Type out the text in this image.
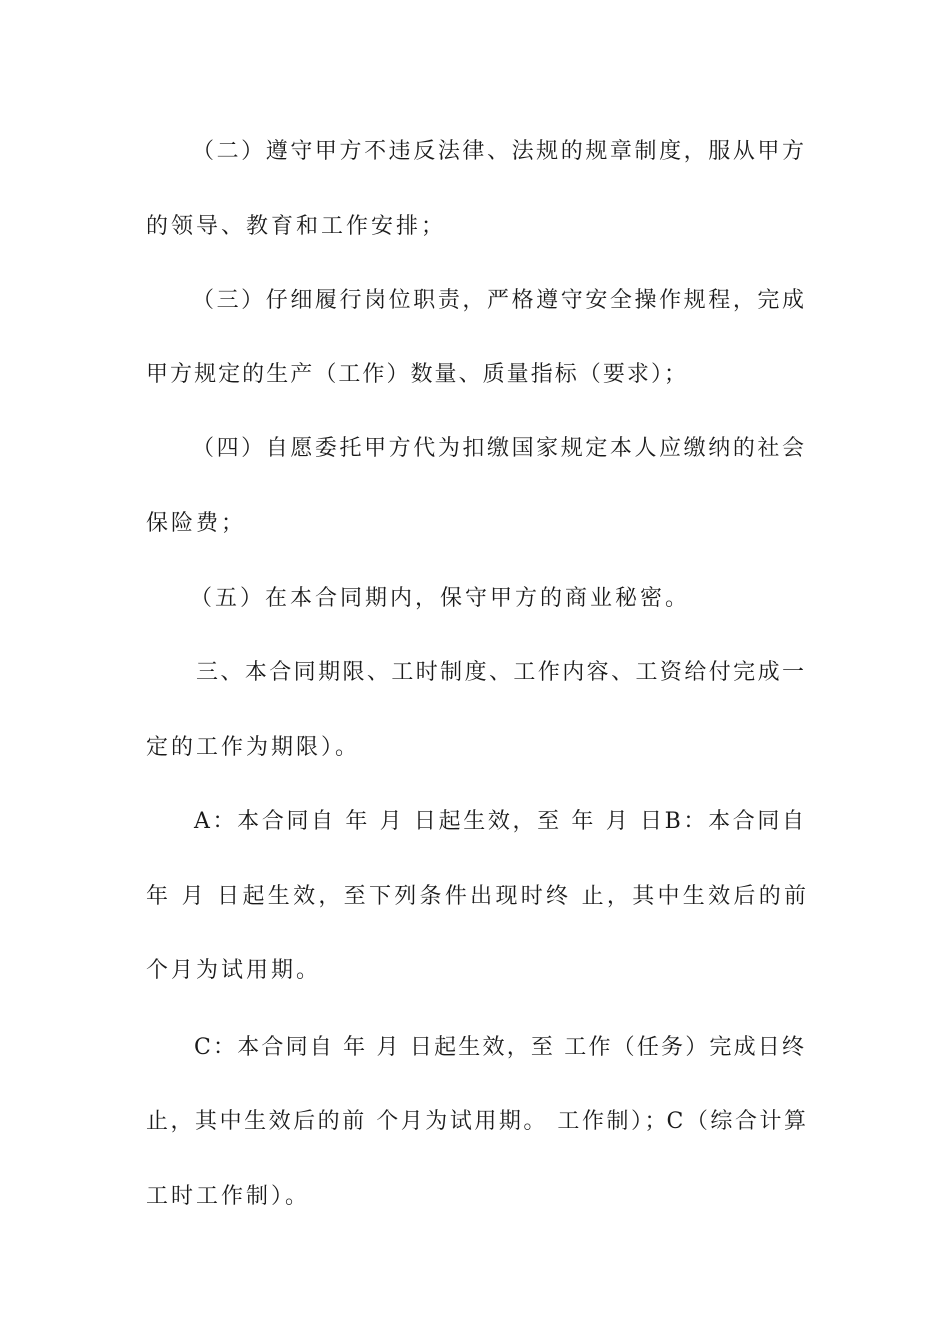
（二）遵守甲方不违反法律、法规的规章制度，服从甲方
的领导、教育和工作安排；
（三）仔细履行岗位职责，严格遵守安全操作规程，完成
甲方规定的生产（工作）数量、质量指标（要求）；
（四）自愿委托甲方代为扣缴国家规定本人应缴纳的社会
保险费；
（五）在本合同期内，保守甲方的商业秘密。
三、本合同期限、工时制度、工作内容、工资给付完成一
定的工作为期限）。
A：本合同自 年 月 日起生效，至 年 月 日B：本合同自
年 月 日起生效，至下列条件出现时终 止，其中生效后的前
个月为试用期。
C：本合同自 年 月 日起生效，至 工作（任务）完成日终
止，其中生效后的前 个月为试用期。 工作制）；C（综合计算
工时工作制）。
